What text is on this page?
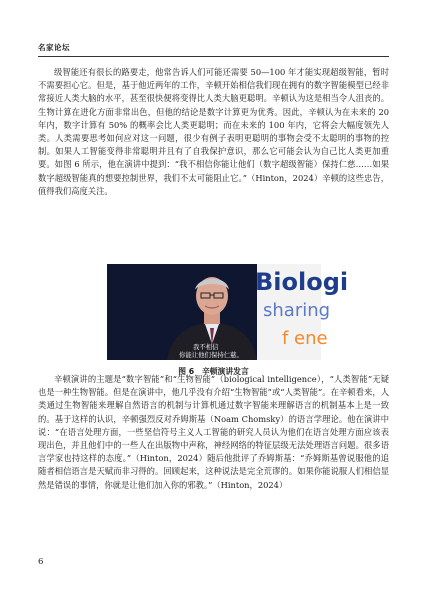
名家论坛

级智能还有很长的路要走，他常告诉人们可能还需要 50—100 年才能实现超级智能，暂时不需要担心它。但是，基于他近两年的工作，辛顿开始相信我们现在拥有的数字智能模型已经非常接近人类大脑的水平，甚至很快便将变得比人类大脑更聪明。辛顿认为这是相当令人沮丧的。生物计算在进化方面非常出色，但他的结论是数字计算更为优秀。因此，辛顿认为在未来的 20 年内，数字计算有 50% 的概率会比人类更聪明；而在未来的 100 年内，它将会大幅度领先人类。人类需要思考如何应对这一问题，很少有例子表明更聪明的事物会受不太聪明的事物的控制。如果人工智能变得非常聪明并且有了自我保护意识，那么它可能会认为自己比人类更加重要。如图 6 所示，他在演讲中提到：“我不相信你能让他们（数字超级智能）保持仁慈……如果数字超级智能真的想要控制世界，我们不太可能阻止它。”（Hinton，2024）辛顿的这些忠告，值得我们高度关注。

Biologi
sharing
f ene
我不相信
你能让他们保持仁慈。
图 6　辛顿演讲发言

辛顿演讲的主题是“数字智能”和“生物智能”（biological intelligence），“人类智能”无疑也是一种生物智能。但是在演讲中，他几乎没有介绍“生物智能”或“人类智能”。在辛顿看来，人类通过生物智能来理解自然语言的机制与计算机通过数字智能来理解语言的机制基本上是一致的。基于这样的认识，辛顿强烈反对乔姆斯基（Noam Chomsky）的语言学理论。他在演讲中说：“在语言处理方面，一些坚信符号主义人工智能的研究人员认为他们在语言处理方面应该表现出色，并且他们中的一些人在出版物中声称，神经网络的特征层级无法处理语言问题。很多语言学家也持这样的态度。”（Hinton，2024）随后他批评了乔姆斯基：“乔姆斯基曾说服他的追随者相信语言是天赋而非习得的。回顾起来，这种说法是完全荒谬的。如果你能说服人们相信显然是错误的事情，你就是让他们加入你的邪教。”（Hinton，2024）

6
